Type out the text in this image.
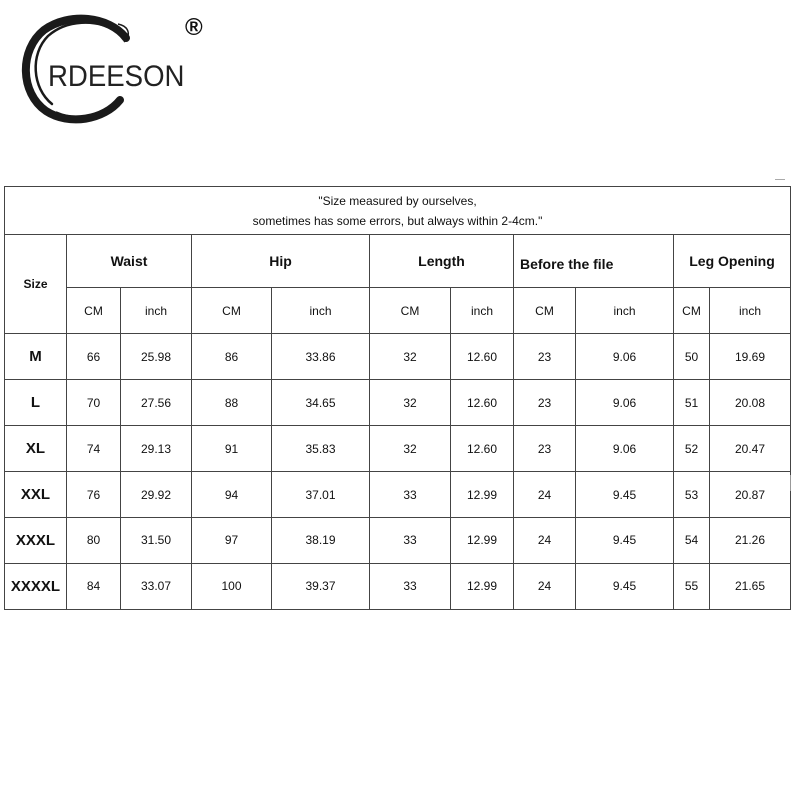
RDEESON
®
"Size measured by ourselves,
sometimes has some errors, but always within 2-4cm."										

Size	Waist		Hip		Length		Before the file		Leg Opening	
	CM	inch	CM	inch	CM	inch	CM	inch	CM	inch
M	66	25.98	86	33.86	32	12.60	23	9.06	50	19.69
L	70	27.56	88	34.65	32	12.60	23	9.06	51	20.08
XL	74	29.13	91	35.83	32	12.60	23	9.06	52	20.47
XXL	76	29.92	94	37.01	33	12.99	24	9.45	53	20.87
XXXL	80	31.50	97	38.19	33	12.99	24	9.45	54	21.26
XXXXL	84	33.07	100	39.37	33	12.99	24	9.45	55	21.65
